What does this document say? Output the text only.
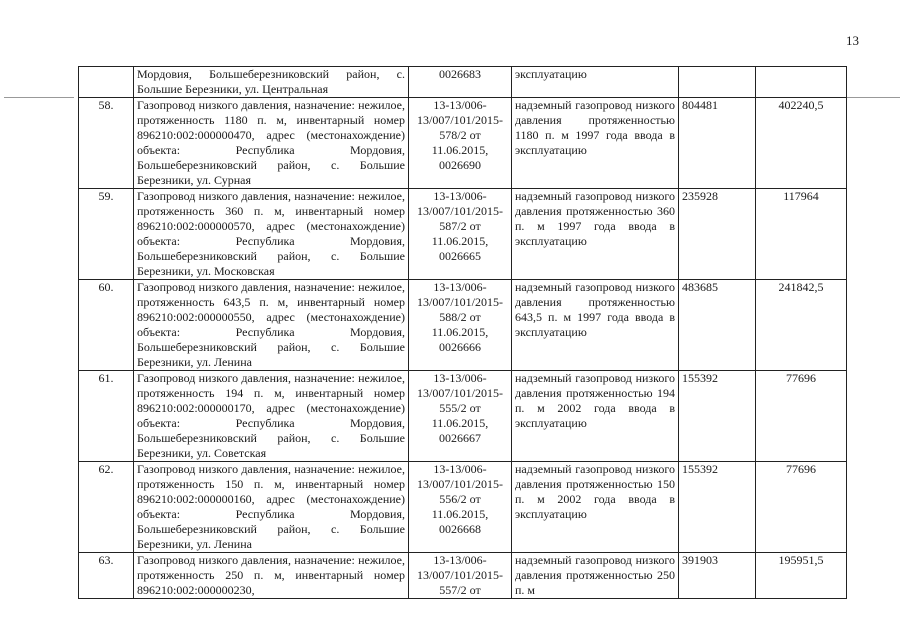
13
	Мордовия, Большеберезниковский район, с. Большие Березники, ул. Центральная	0026683	эксплуатацию		
58.	Газопровод низкого давления, назначение: нежилое, протяженность 1180 п. м, инвентарный номер 896210:002:000000470, адрес (местонахождение) объекта: Республика Мордовия, Большеберезниковский район, с. Большие Березники, ул. Сурная	13-13/006-13/007/101/2015-578/2 от 11.06.2015, 0026690	надземный газопровод низкого давления протяженностью 1180 п. м 1997 года ввода в эксплуатацию	804481	402240,5
59.	Газопровод низкого давления, назначение: нежилое, протяженность 360 п. м, инвентарный номер 896210:002:000000570, адрес (местонахождение) объекта: Республика Мордовия, Большеберезниковский район, с. Большие Березники, ул. Московская	13-13/006-13/007/101/2015-587/2 от 11.06.2015, 0026665	надземный газопровод низкого давления протяженностью 360 п. м 1997 года ввода в эксплуатацию	235928	117964
60.	Газопровод низкого давления, назначение: нежилое, протяженность 643,5 п. м, инвентарный номер 896210:002:000000550, адрес (местонахождение) объекта: Республика Мордовия, Большеберезниковский район, с. Большие Березники, ул. Ленина	13-13/006-13/007/101/2015-588/2 от 11.06.2015, 0026666	надземный газопровод низкого давления протяженностью 643,5 п. м 1997 года ввода в эксплуатацию	483685	241842,5
61.	Газопровод низкого давления, назначение: нежилое, протяженность 194 п. м, инвентарный номер 896210:002:000000170, адрес (местонахождение) объекта: Республика Мордовия, Большеберезниковский район, с. Большие Березники, ул. Советская	13-13/006-13/007/101/2015-555/2 от 11.06.2015, 0026667	надземный газопровод низкого давления протяженностью 194 п. м 2002 года ввода в эксплуатацию	155392	77696
62.	Газопровод низкого давления, назначение: нежилое, протяженность 150 п. м, инвентарный номер 896210:002:000000160, адрес (местонахождение) объекта: Республика Мордовия, Большеберезниковский район, с. Большие Березники, ул. Ленина	13-13/006-13/007/101/2015-556/2 от 11.06.2015, 0026668	надземный газопровод низкого давления протяженностью 150 п. м 2002 года ввода в эксплуатацию	155392	77696
63.	Газопровод низкого давления, назначение: нежилое, протяженность 250 п. м, инвентарный номер 896210:002:000000230,	13-13/006-13/007/101/2015-557/2 от	надземный газопровод низкого давления протяженностью 250 п. м	391903	195951,5
